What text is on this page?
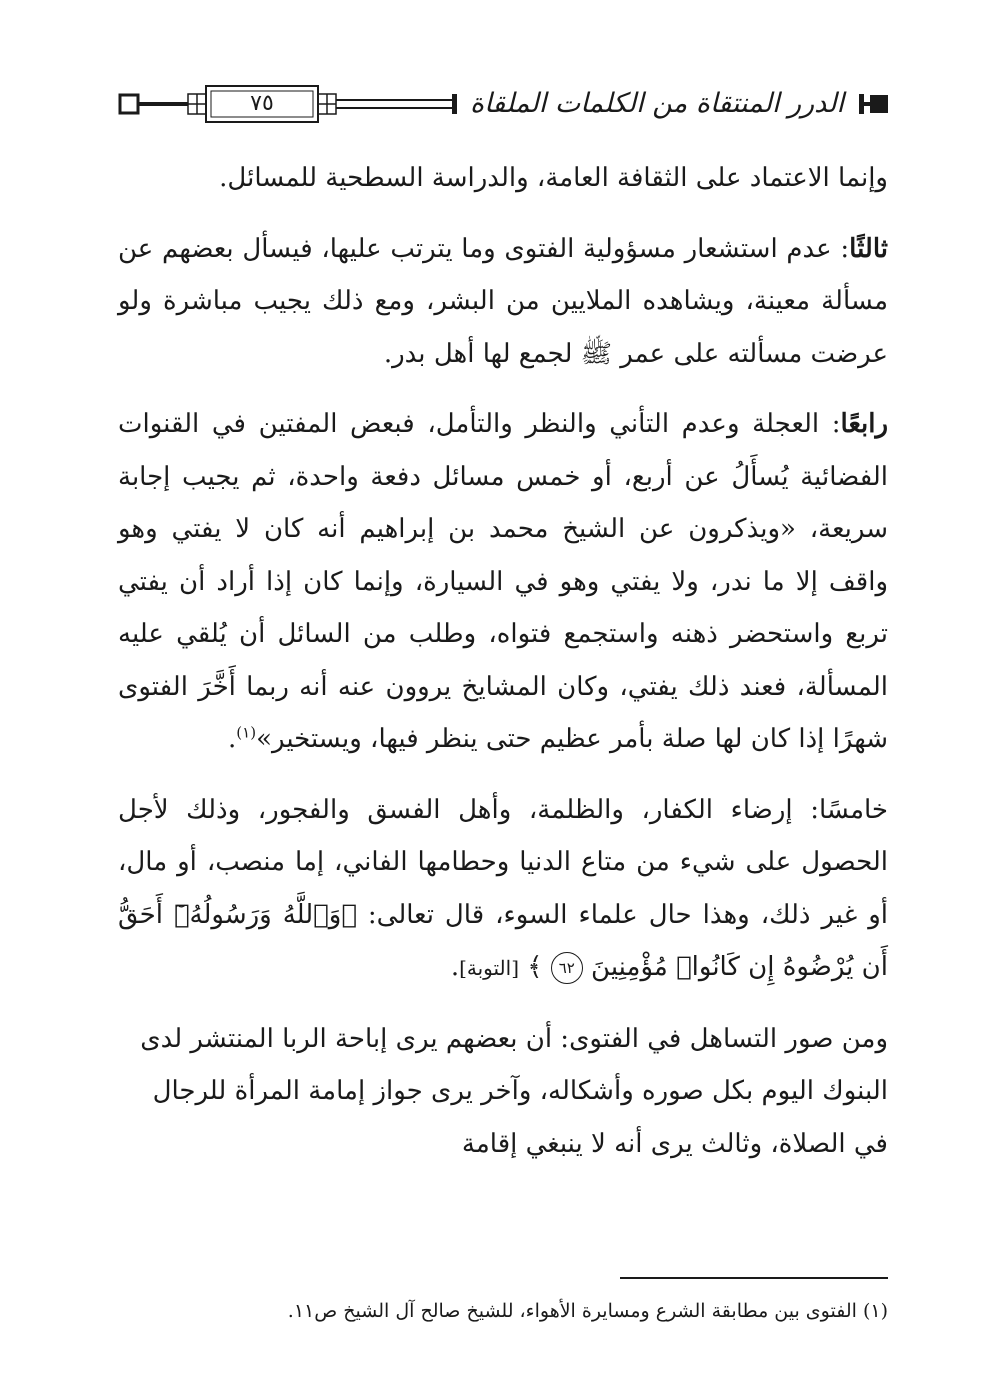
٧٥	الدرر المنتقاة من الكلمات الملقاة

وإنما الاعتماد على الثقافة العامة، والدراسة السطحية للمسائل.

ثالثًا: عدم استشعار مسؤولية الفتوى وما يترتب عليها، فيسأل بعضهم عن مسألة معينة، ويشاهده الملايين من البشر، ومع ذلك يجيب مباشرة ولو عرضت مسألته على عمر ﷺ لجمع لها أهل بدر.

رابعًا: العجلة وعدم التأني والنظر والتأمل، فبعض المفتين في القنوات الفضائية يُسأَلُ عن أربع، أو خمس مسائل دفعة واحدة، ثم يجيب إجابة سريعة، «ويذكرون عن الشيخ محمد بن إبراهيم أنه كان لا يفتي وهو واقف إلا ما ندر، ولا يفتي وهو في السيارة، وإنما كان إذا أراد أن يفتي تربع واستحضر ذهنه واستجمع فتواه، وطلب من السائل أن يُلقي عليه المسألة، فعند ذلك يفتي، وكان المشايخ يروون عنه أنه ربما أَخَّرَ الفتوى شهرًا إذا كان لها صلة بأمر عظيم حتى ينظر فيها، ويستخير»$^{(١)}$.

خامسًا: إرضاء الكفار، والظلمة، وأهل الفسق والفجور، وذلك لأجل الحصول على شيء من متاع الدنيا وحطامها الفاني، إما منصب، أو مال، أو غير ذلك، وهذا حال علماء السوء، قال تعالى: ﴿وَٱللَّهُ وَرَسُولُهُۥٓ أَحَقُّ أَن يُرْضُوهُ إِن كَانُوا۟ مُؤْمِنِينَ ٦٢ ﴾ [التوبة].

ومن صور التساهل في الفتوى: أن بعضهم يرى إباحة الربا المنتشر لدى البنوك اليوم بكل صوره وأشكاله، وآخر يرى جواز إمامة المرأة للرجال في الصلاة، وثالث يرى أنه لا ينبغي إقامة

(١) الفتوى بين مطابقة الشرع ومسايرة الأهواء، للشيخ صالح آل الشيخ ص١١.
